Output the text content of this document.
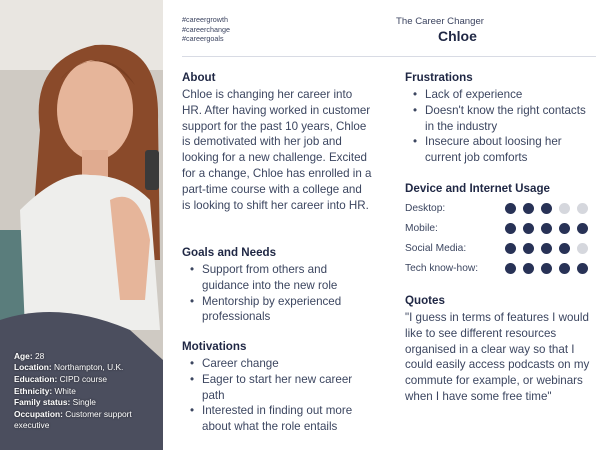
Age: 28
Location: Northampton, U.K.
Education: CIPD course
Ethnicity: White
Family status: Single
Occupation: Customer support executive
#careergrowth
#careerchange
#careergoals
The Career Changer
Chloe
About
Chloe is changing her career into HR. After having worked in customer support for the past 10 years, Chloe is demotivated with her job and looking for a new challenge. Excited for a change, Chloe has enrolled in a part-time course with a college and is looking to shift her career into HR.
Goals and Needs
• Support from others and guidance into the new role
• Mentorship by experienced professionals
Motivations
• Career change
• Eager to start her new career path
• Interested in finding out more about what the role entails
Frustrations
• Lack of experience
• Doesn't know the right contacts in the industry
• Insecure about loosing her current job comforts
Device and Internet Usage
Desktop:
Mobile:
Social Media:
Tech know-how:
Quotes
"I guess in terms of features I would like to see different resources organised in a clear way so that I could easily access podcasts on my commute for example, or webinars when I have some free time"
